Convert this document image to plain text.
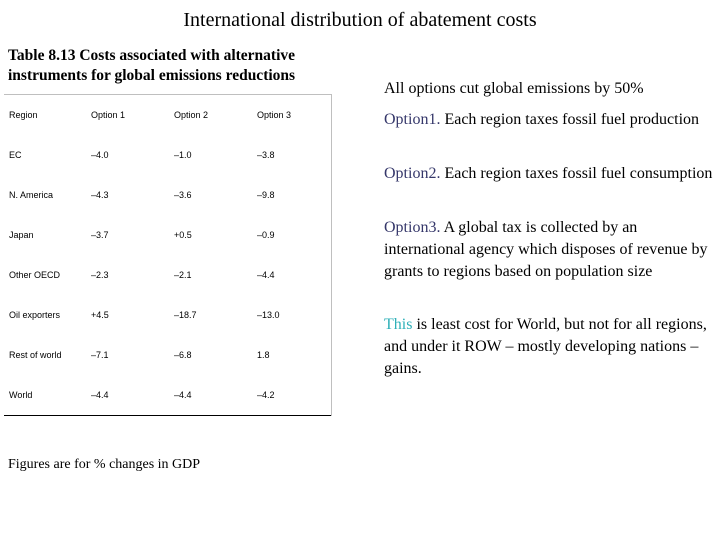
International distribution of abatement costs
Table 8.13 Costs associated with alternative instruments for global emissions reductions
Region	Option 1	Option 2	Option 3
EC	–4.0	–1.0	–3.8
N. America	–4.3	–3.6	–9.8
Japan	–3.7	+0.5	–0.9
Other OECD	–2.3	–2.1	–4.4
Oil exporters	+4.5	–18.7	–13.0
Rest of world	–7.1	–6.8	1.8
World	–4.4	–4.4	–4.2
Figures are for % changes in GDP
All options cut global emissions by 50%
Option1. Each region taxes fossil fuel production
Option2. Each region taxes fossil fuel consumption
Option3. A global tax is collected by an international agency which disposes of revenue by grants to regions based on population size
This is least cost for World, but not for all regions, and under it ROW – mostly developing nations – gains.
